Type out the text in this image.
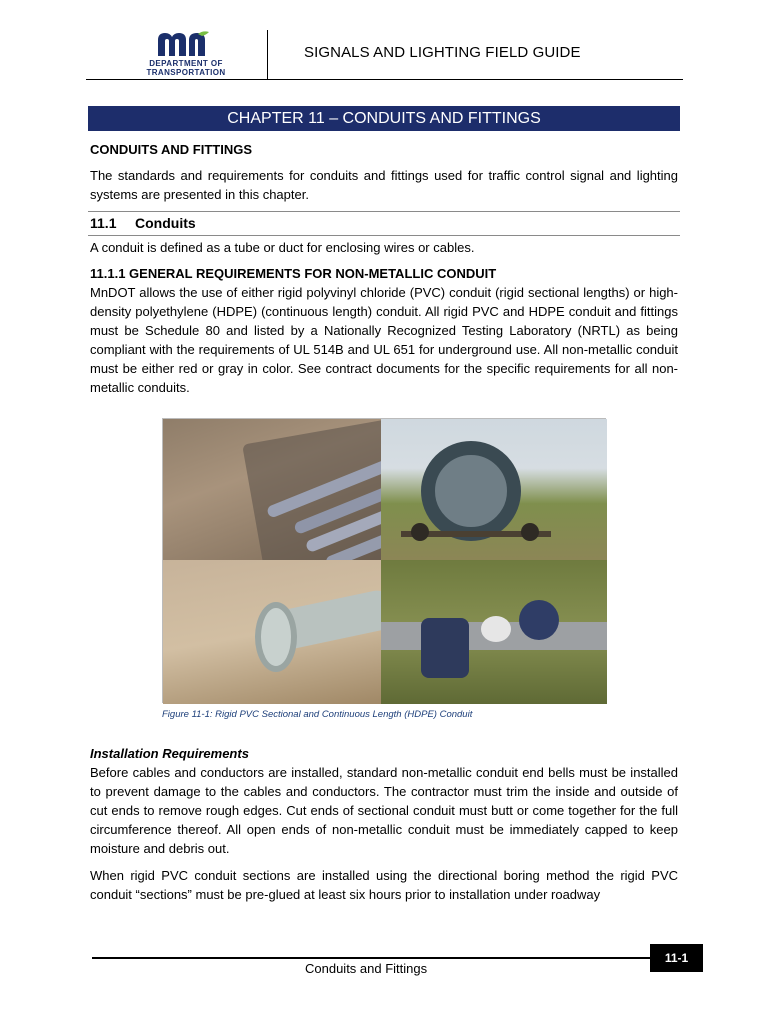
DEPARTMENT OF
TRANSPORTATION
SIGNALS AND LIGHTING FIELD GUIDE
CHAPTER 11 – CONDUITS AND FITTINGS
CONDUITS AND FITTINGS
The standards and requirements for conduits and fittings used for traffic control signal and lighting systems are presented in this chapter.
11.1 Conduits
A conduit is defined as a tube or duct for enclosing wires or cables.
11.1.1 GENERAL REQUIREMENTS FOR NON-METALLIC CONDUIT
MnDOT allows the use of either rigid polyvinyl chloride (PVC) conduit (rigid sectional lengths) or high-density polyethylene (HDPE) (continuous length) conduit. All rigid PVC and HDPE conduit and fittings must be Schedule 80 and listed by a Nationally Recognized Testing Laboratory (NRTL) as being compliant with the requirements of UL 514B and UL 651 for underground use. All non-metallic conduit must be either red or gray in color. See contract documents for the specific requirements for all non-metallic conduits.
Figure 11-1: Rigid PVC Sectional and Continuous Length (HDPE) Conduit
Installation Requirements
Before cables and conductors are installed, standard non-metallic conduit end bells must be installed to prevent damage to the cables and conductors. The contractor must trim the inside and outside of cut ends to remove rough edges. Cut ends of sectional conduit must butt or come together for the full circumference thereof. All open ends of non-metallic conduit must be immediately capped to keep moisture and debris out.
When rigid PVC conduit sections are installed using the directional boring method the rigid PVC conduit “sections” must be pre-glued at least six hours prior to installation under roadway
11-1
Conduits and Fittings
